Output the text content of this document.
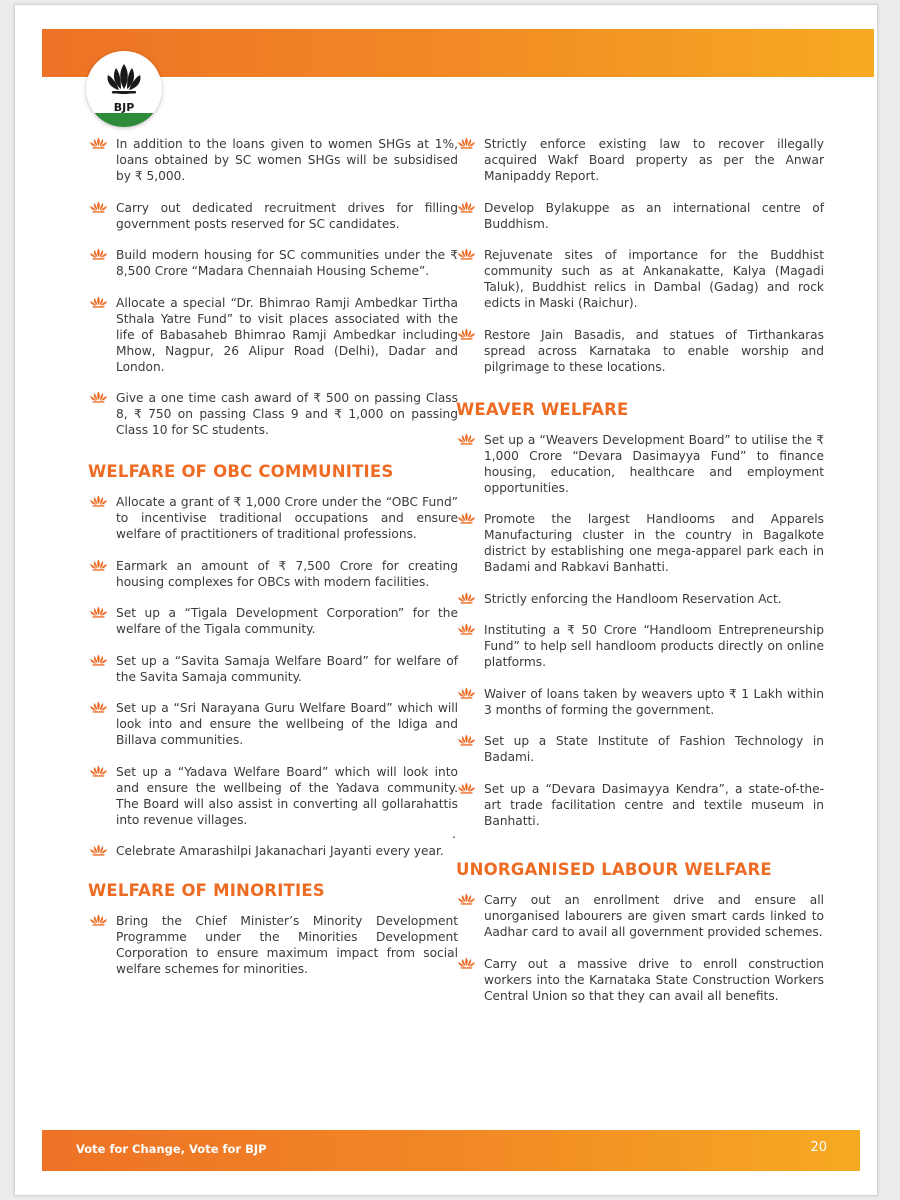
BJP
In addition to the loans given to women SHGs at 1%, loans obtained by SC women SHGs will be subsidised by ₹ 5,000.
Carry out dedicated recruitment drives for filling government posts reserved for SC candidates.
Build modern housing for SC communities under the ₹ 8,500 Crore “Madara Chennaiah Housing Scheme”.
Allocate a special “Dr. Bhimrao Ramji Ambedkar Tirtha Sthala Yatre Fund” to visit places associated with the life of Babasaheb Bhimrao Ramji Ambedkar including Mhow, Nagpur, 26 Alipur Road (Delhi), Dadar and London.
Give a one time cash award of ₹ 500 on passing Class 8, ₹ 750 on passing Class 9 and ₹ 1,000 on passing Class 10 for SC students.
WELFARE OF OBC COMMUNITIES
Allocate a grant of ₹ 1,000 Crore under the “OBC Fund” to incentivise traditional occupations and ensure welfare of practitioners of traditional professions.
Earmark an amount of ₹ 7,500 Crore for creating housing complexes for OBCs with modern facilities.
Set up a “Tigala Development Corporation” for the welfare of the Tigala community.
Set up a “Savita Samaja Welfare Board” for welfare of the Savita Samaja community.
Set up a “Sri Narayana Guru Welfare Board” which will look into and ensure the wellbeing of the Idiga and Billava communities.
Set up a “Yadava Welfare Board” which will look into and ensure the wellbeing of the Yadava community. The Board will also assist in converting all gollarahattis into revenue villages.
Celebrate Amarashilpi Jakanachari Jayanti every year.
WELFARE OF MINORITIES
Bring the Chief Minister’s Minority Development Programme under the Minorities Development Corporation to ensure maximum impact from social welfare schemes for minorities.
Strictly enforce existing law to recover illegally acquired Wakf Board property as per the Anwar Manipaddy Report.
Develop Bylakuppe as an international centre of Buddhism.
Rejuvenate sites of importance for the Buddhist community such as at Ankanakatte, Kalya (Magadi Taluk), Buddhist relics in Dambal (Gadag) and rock edicts in Maski (Raichur).
Restore Jain Basadis, and statues of Tirthankaras spread across Karnataka to enable worship and pilgrimage to these locations.
WEAVER WELFARE
Set up a “Weavers Development Board” to utilise the ₹ 1,000 Crore “Devara Dasimayya Fund” to finance housing, education, healthcare and employment opportunities.
Promote the largest Handlooms and Apparels Manufacturing cluster in the country in Bagalkote district by establishing one mega-apparel park each in Badami and Rabkavi Banhatti.
Strictly enforcing the Handloom Reservation Act.
Instituting a ₹ 50 Crore “Handloom Entrepreneurship Fund” to help sell handloom products directly on online platforms.
Waiver of loans taken by weavers upto ₹ 1 Lakh within 3 months of forming the government.
Set up a State Institute of Fashion Technology in Badami.
Set up a “Devara Dasimayya Kendra”, a state-of-the-art trade facilitation centre and textile museum in Banhatti.
.
UNORGANISED LABOUR WELFARE
Carry out an enrollment drive and ensure all unorganised labourers are given smart cards linked to Aadhar card to avail all government provided schemes.
Carry out a massive drive to enroll construction workers into the Karnataka State Construction Workers Central Union so that they can avail all benefits.
Vote for Change, Vote for BJP	20
